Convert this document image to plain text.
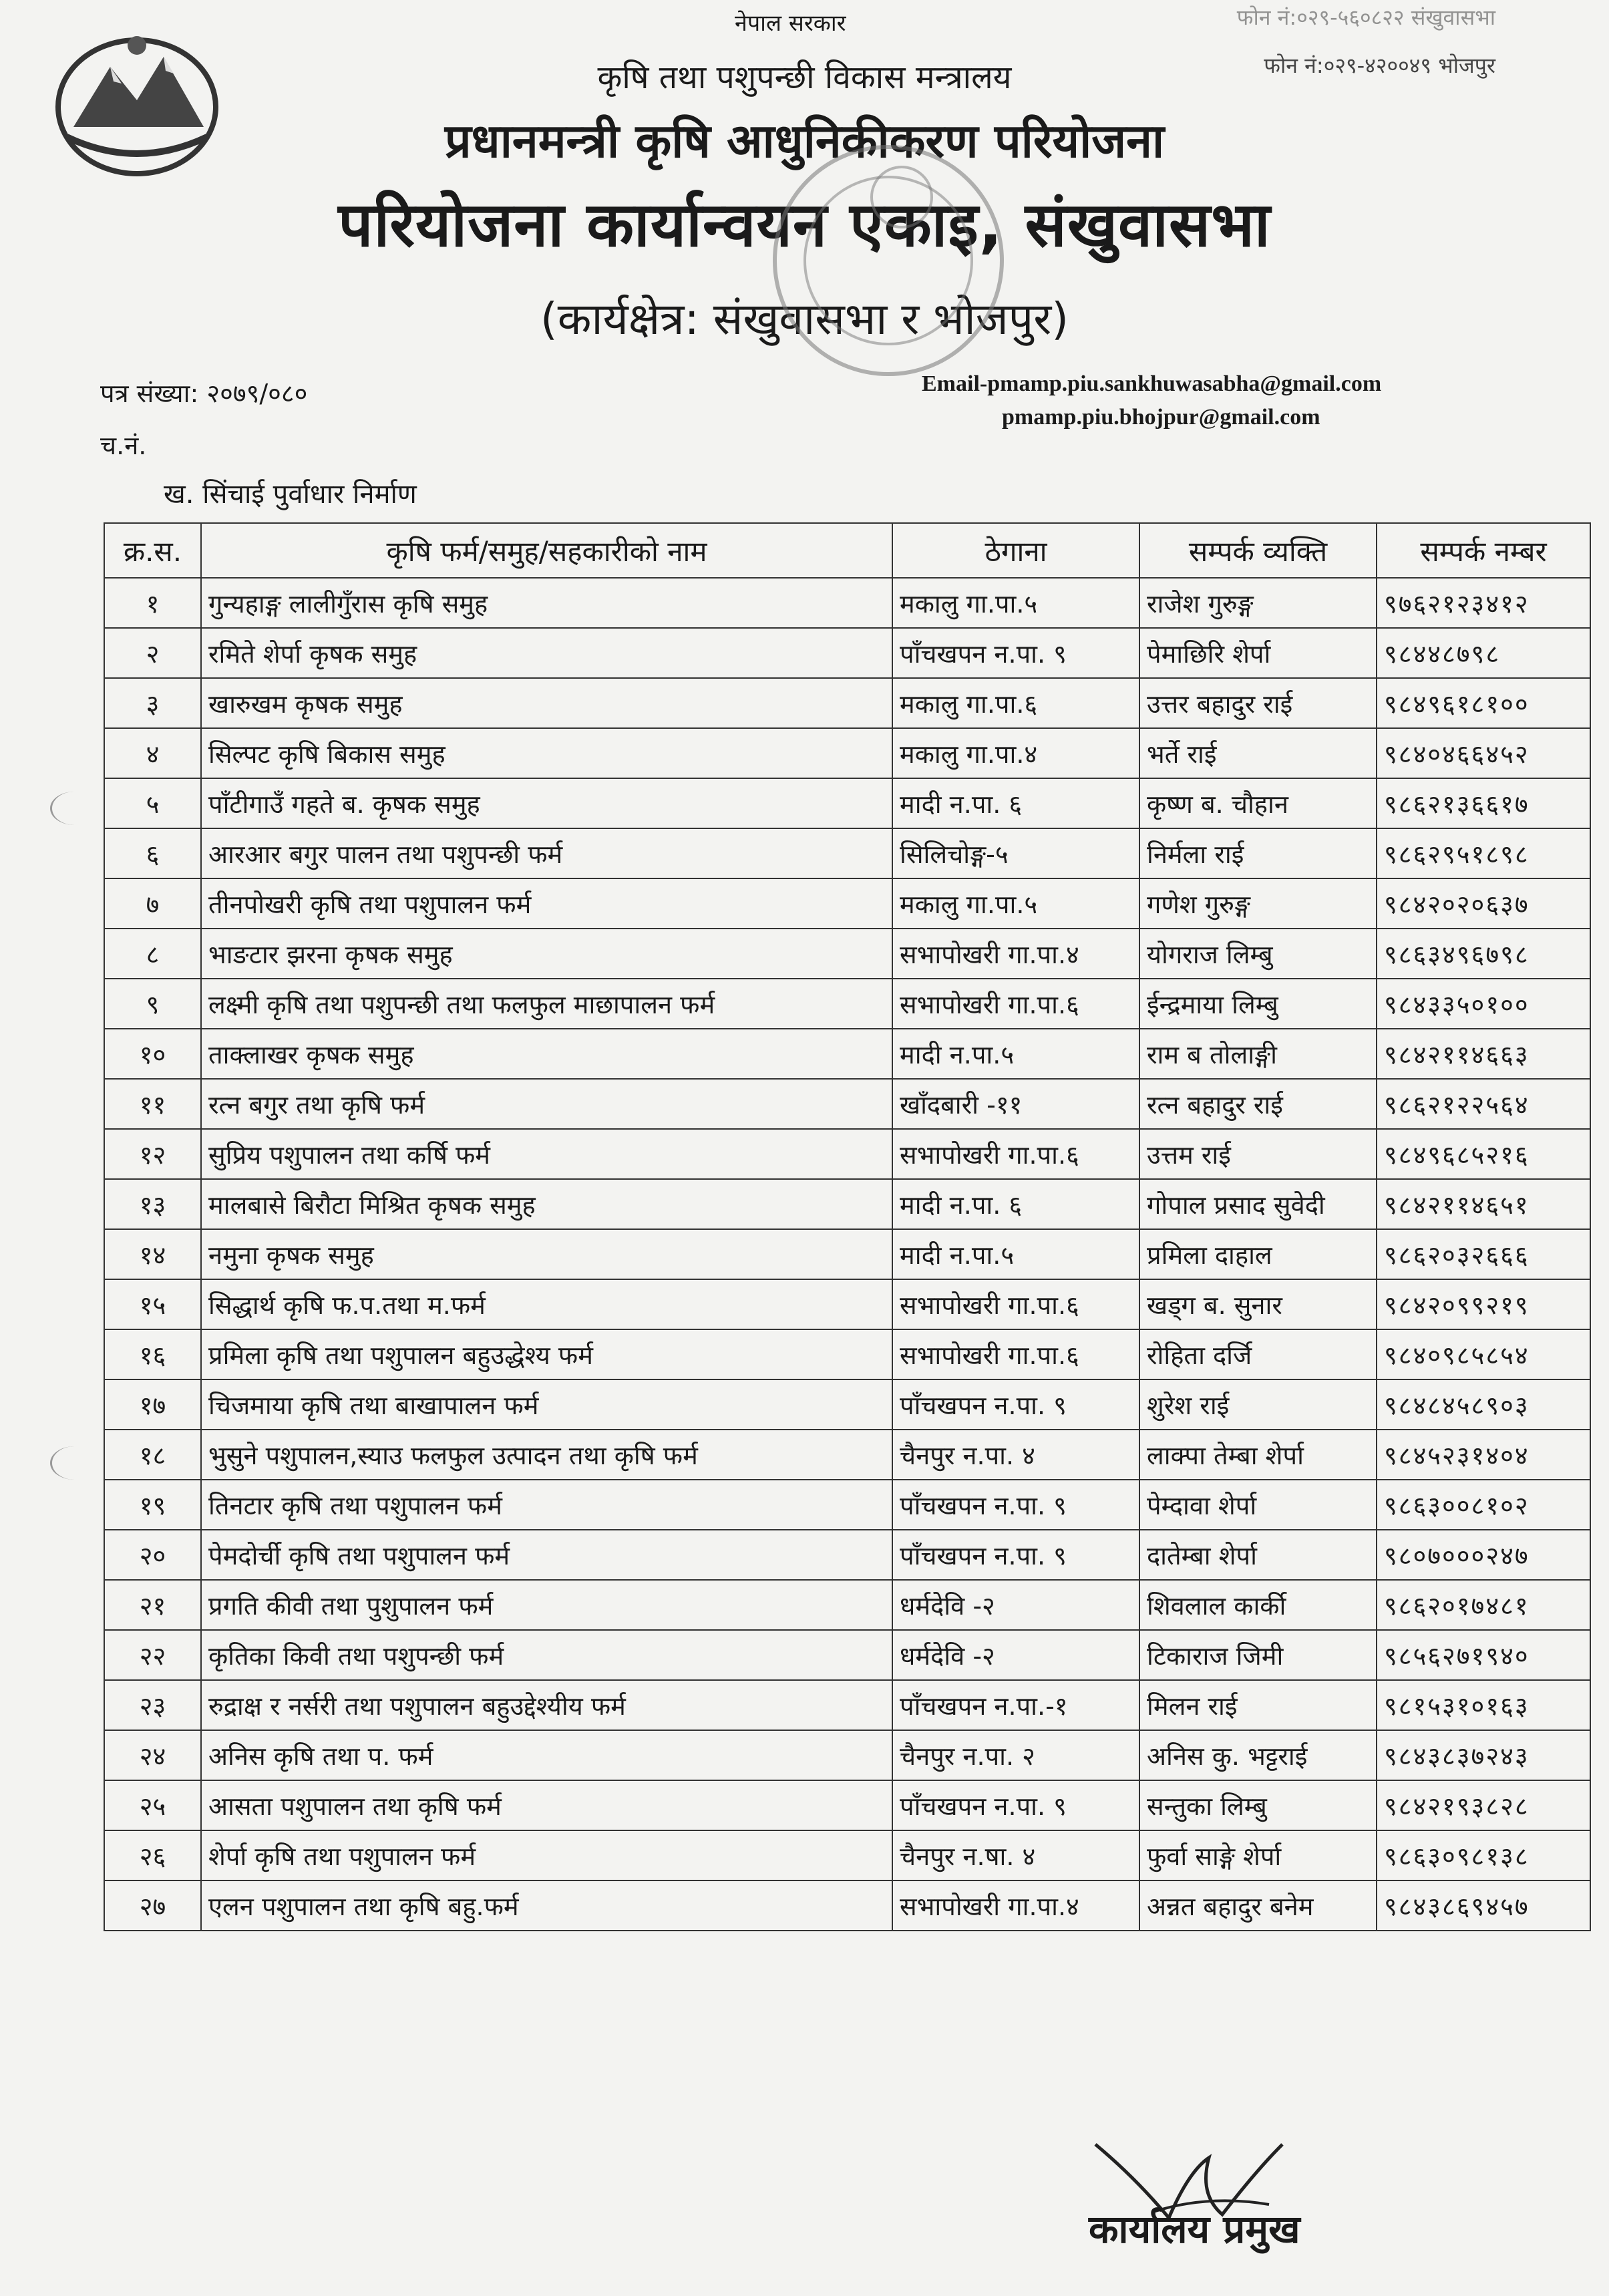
नेपाल सरकार	फोन नं:०२९-५६०८२२ संखुवासभा
फोन नं:०२९-४२००४९ भोजपुर
कृषि तथा पशुपन्छी विकास मन्त्रालय
प्रधानमन्त्री कृषि आधुनिकीकरण परियोजना
परियोजना कार्यान्वयन एकाइ, संखुवासभा
(कार्यक्षेत्र: संखुवासभा र भोजपुर)
पत्र संख्या: २०७९/०८०
च.नं.
Email-pmamp.piu.sankhuwasabha@gmail.com
pmamp.piu.bhojpur@gmail.com
ख. सिंचाई पुर्वाधार निर्माण
क्र.स.	कृषि फर्म/समुह/सहकारीको नाम	ठेगाना	सम्पर्क व्यक्ति	सम्पर्क नम्बर
१	गुन्यहाङ्ग लालीगुँरास कृषि समुह	मकालु गा.पा.५	राजेश गुरुङ्ग	९७६२१२३४१२
२	रमिते शेर्पा कृषक समुह	पाँचखपन न.पा. ९	पेमाछिरि शेर्पा	९८४४८७९८
३	खारुखम कृषक समुह	मकालु गा.पा.६	उत्तर बहादुर राई	९८४९६१८१००
४	सिल्पट कृषि बिकास समुह	मकालु गा.पा.४	भर्ते राई	९८४०४६६४५२
५	पाँटीगाउँ गहते ब. कृषक समुह	मादी न.पा. ६	कृष्ण ब. चौहान	९८६२१३६६१७
६	आरआर बगुर पालन तथा पशुपन्छी फर्म	सिलिचोङ्ग-५	निर्मला राई	९८६२९५१८९८
७	तीनपोखरी कृषि तथा पशुपालन फर्म	मकालु गा.पा.५	गणेश गुरुङ्ग	९८४२०२०६३७
८	भाङटार झरना कृषक समुह	सभापोखरी गा.पा.४	योगराज लिम्बु	९८६३४९६७९८
९	लक्ष्मी कृषि तथा पशुपन्छी तथा फलफुल माछापालन फर्म	सभापोखरी गा.पा.६	ईन्द्रमाया लिम्बु	९८४३३५०१००
१०	ताक्लाखर कृषक समुह	मादी न.पा.५	राम ब तोलाङ्गी	९८४२११४६६३
११	रत्न बगुर तथा कृषि फर्म	खाँदबारी -११	रत्न बहादुर राई	९८६२१२२५६४
१२	सुप्रिय पशुपालन तथा कर्षि फर्म	सभापोखरी गा.पा.६	उत्तम राई	९८४९६८५२१६
१३	मालबासे बिरौटा मिश्रित कृषक समुह	मादी न.पा. ६	गोपाल प्रसाद सुवेदी	९८४२११४६५१
१४	नमुना कृषक समुह	मादी न.पा.५	प्रमिला दाहाल	९८६२०३२६६६
१५	सिद्धार्थ कृषि फ.प.तथा म.फर्म	सभापोखरी गा.पा.६	खड्ग ब. सुनार	९८४२०९९२१९
१६	प्रमिला कृषि तथा पशुपालन बहुउद्धेश्य फर्म	सभापोखरी गा.पा.६	रोहिता दर्जि	९८४०९८५८५४
१७	चिजमाया कृषि तथा बाखापालन फर्म	पाँचखपन न.पा. ९	शुरेश राई	९८४८४५८९०३
१८	भुसुने पशुपालन,स्याउ फलफुल उत्पादन तथा कृषि फर्म	चैनपुर न.पा. ४	लाक्पा तेम्बा शेर्पा	९८४५२३१४०४
१९	तिनटार कृषि तथा पशुपालन फर्म	पाँचखपन न.पा. ९	पेम्दावा शेर्पा	९८६३००८१०२
२०	पेमदोर्ची कृषि तथा पशुपालन फर्म	पाँचखपन न.पा. ९	दातेम्बा शेर्पा	९८०७०००२४७
२१	प्रगति कीवी तथा पुशुपालन फर्म	धर्मदेवि -२	शिवलाल कार्की	९८६२०१७४८१
२२	कृतिका किवी तथा पशुपन्छी फर्म	धर्मदेवि -२	टिकाराज जिमी	९८५६२७१९४०
२३	रुद्राक्ष र नर्सरी तथा पशुपालन बहुउद्देश्यीय फर्म	पाँचखपन न.पा.-१	मिलन राई	९८१५३१०१६३
२४	अनिस कृषि तथा प. फर्म	चैनपुर न.पा. २	अनिस कु. भट्टराई	९८४३८३७२४३
२५	आसता पशुपालन तथा कृषि फर्म	पाँचखपन न.पा. ९	सन्तुका लिम्बु	९८४२१९३८२८
२६	शेर्पा कृषि तथा पशुपालन फर्म	चैनपुर न.षा. ४	फुर्वा साङ्गे शेर्पा	९८६३०९८१३८
२७	एलन पशुपालन तथा कृषि बहु.फर्म	सभापोखरी गा.पा.४	अन्नत बहादुर बनेम	९८४३८६९४५७
कार्यालय प्रमुख
